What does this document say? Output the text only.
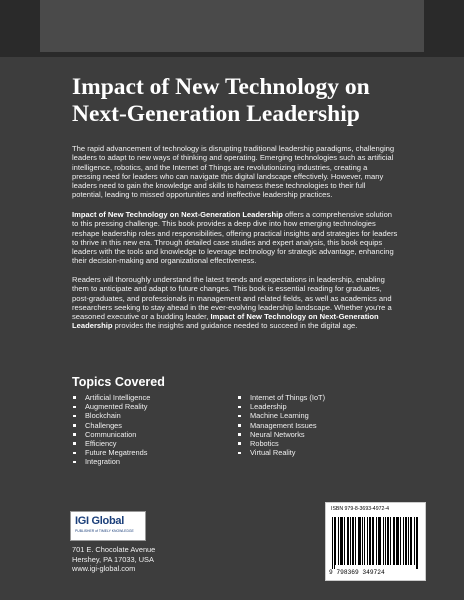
Impact of New Technology on Next-Generation Leadership

The rapid advancement of technology is disrupting traditional leadership paradigms, challenging leaders to adapt to new ways of thinking and operating. Emerging technologies such as artificial intelligence, robotics, and the Internet of Things are revolutionizing industries, creating a pressing need for leaders who can navigate this digital landscape effectively. However, many leaders need to gain the knowledge and skills to harness these technologies to their full potential, leading to missed opportunities and ineffective leadership practices.

Impact of New Technology on Next-Generation Leadership offers a comprehensive solution to this pressing challenge. This book provides a deep dive into how emerging technologies reshape leadership roles and responsibilities, offering practical insights and strategies for leaders to thrive in this new era. Through detailed case studies and expert analysis, this book equips leaders with the tools and knowledge to leverage technology for strategic advantage, enhancing their decision-making and organizational effectiveness.

Readers will thoroughly understand the latest trends and expectations in leadership, enabling them to anticipate and adapt to future changes. This book is essential reading for graduates, post-graduates, and professionals in management and related fields, as well as academics and researchers seeking to stay ahead in the ever-evolving leadership landscape. Whether you're a seasoned executive or a budding leader, Impact of New Technology on Next-Generation Leadership provides the insights and guidance needed to succeed in the digital age.

Topics Covered
Artificial Intelligence
Augmented Reality
Blockchain
Challenges
Communication
Efficiency
Future Megatrends
Integration
Internet of Things (IoT)
Leadership
Machine Learning
Management Issues
Neural Networks
Robotics
Virtual Reality
IGI Global
PUBLISHER of TIMELY KNOWLEDGE
701 E. Chocolate Avenue
Hershey, PA 17033, USA
www.igi-global.com
ISBN 979-8-3693-4972-4
9 798369 349724
